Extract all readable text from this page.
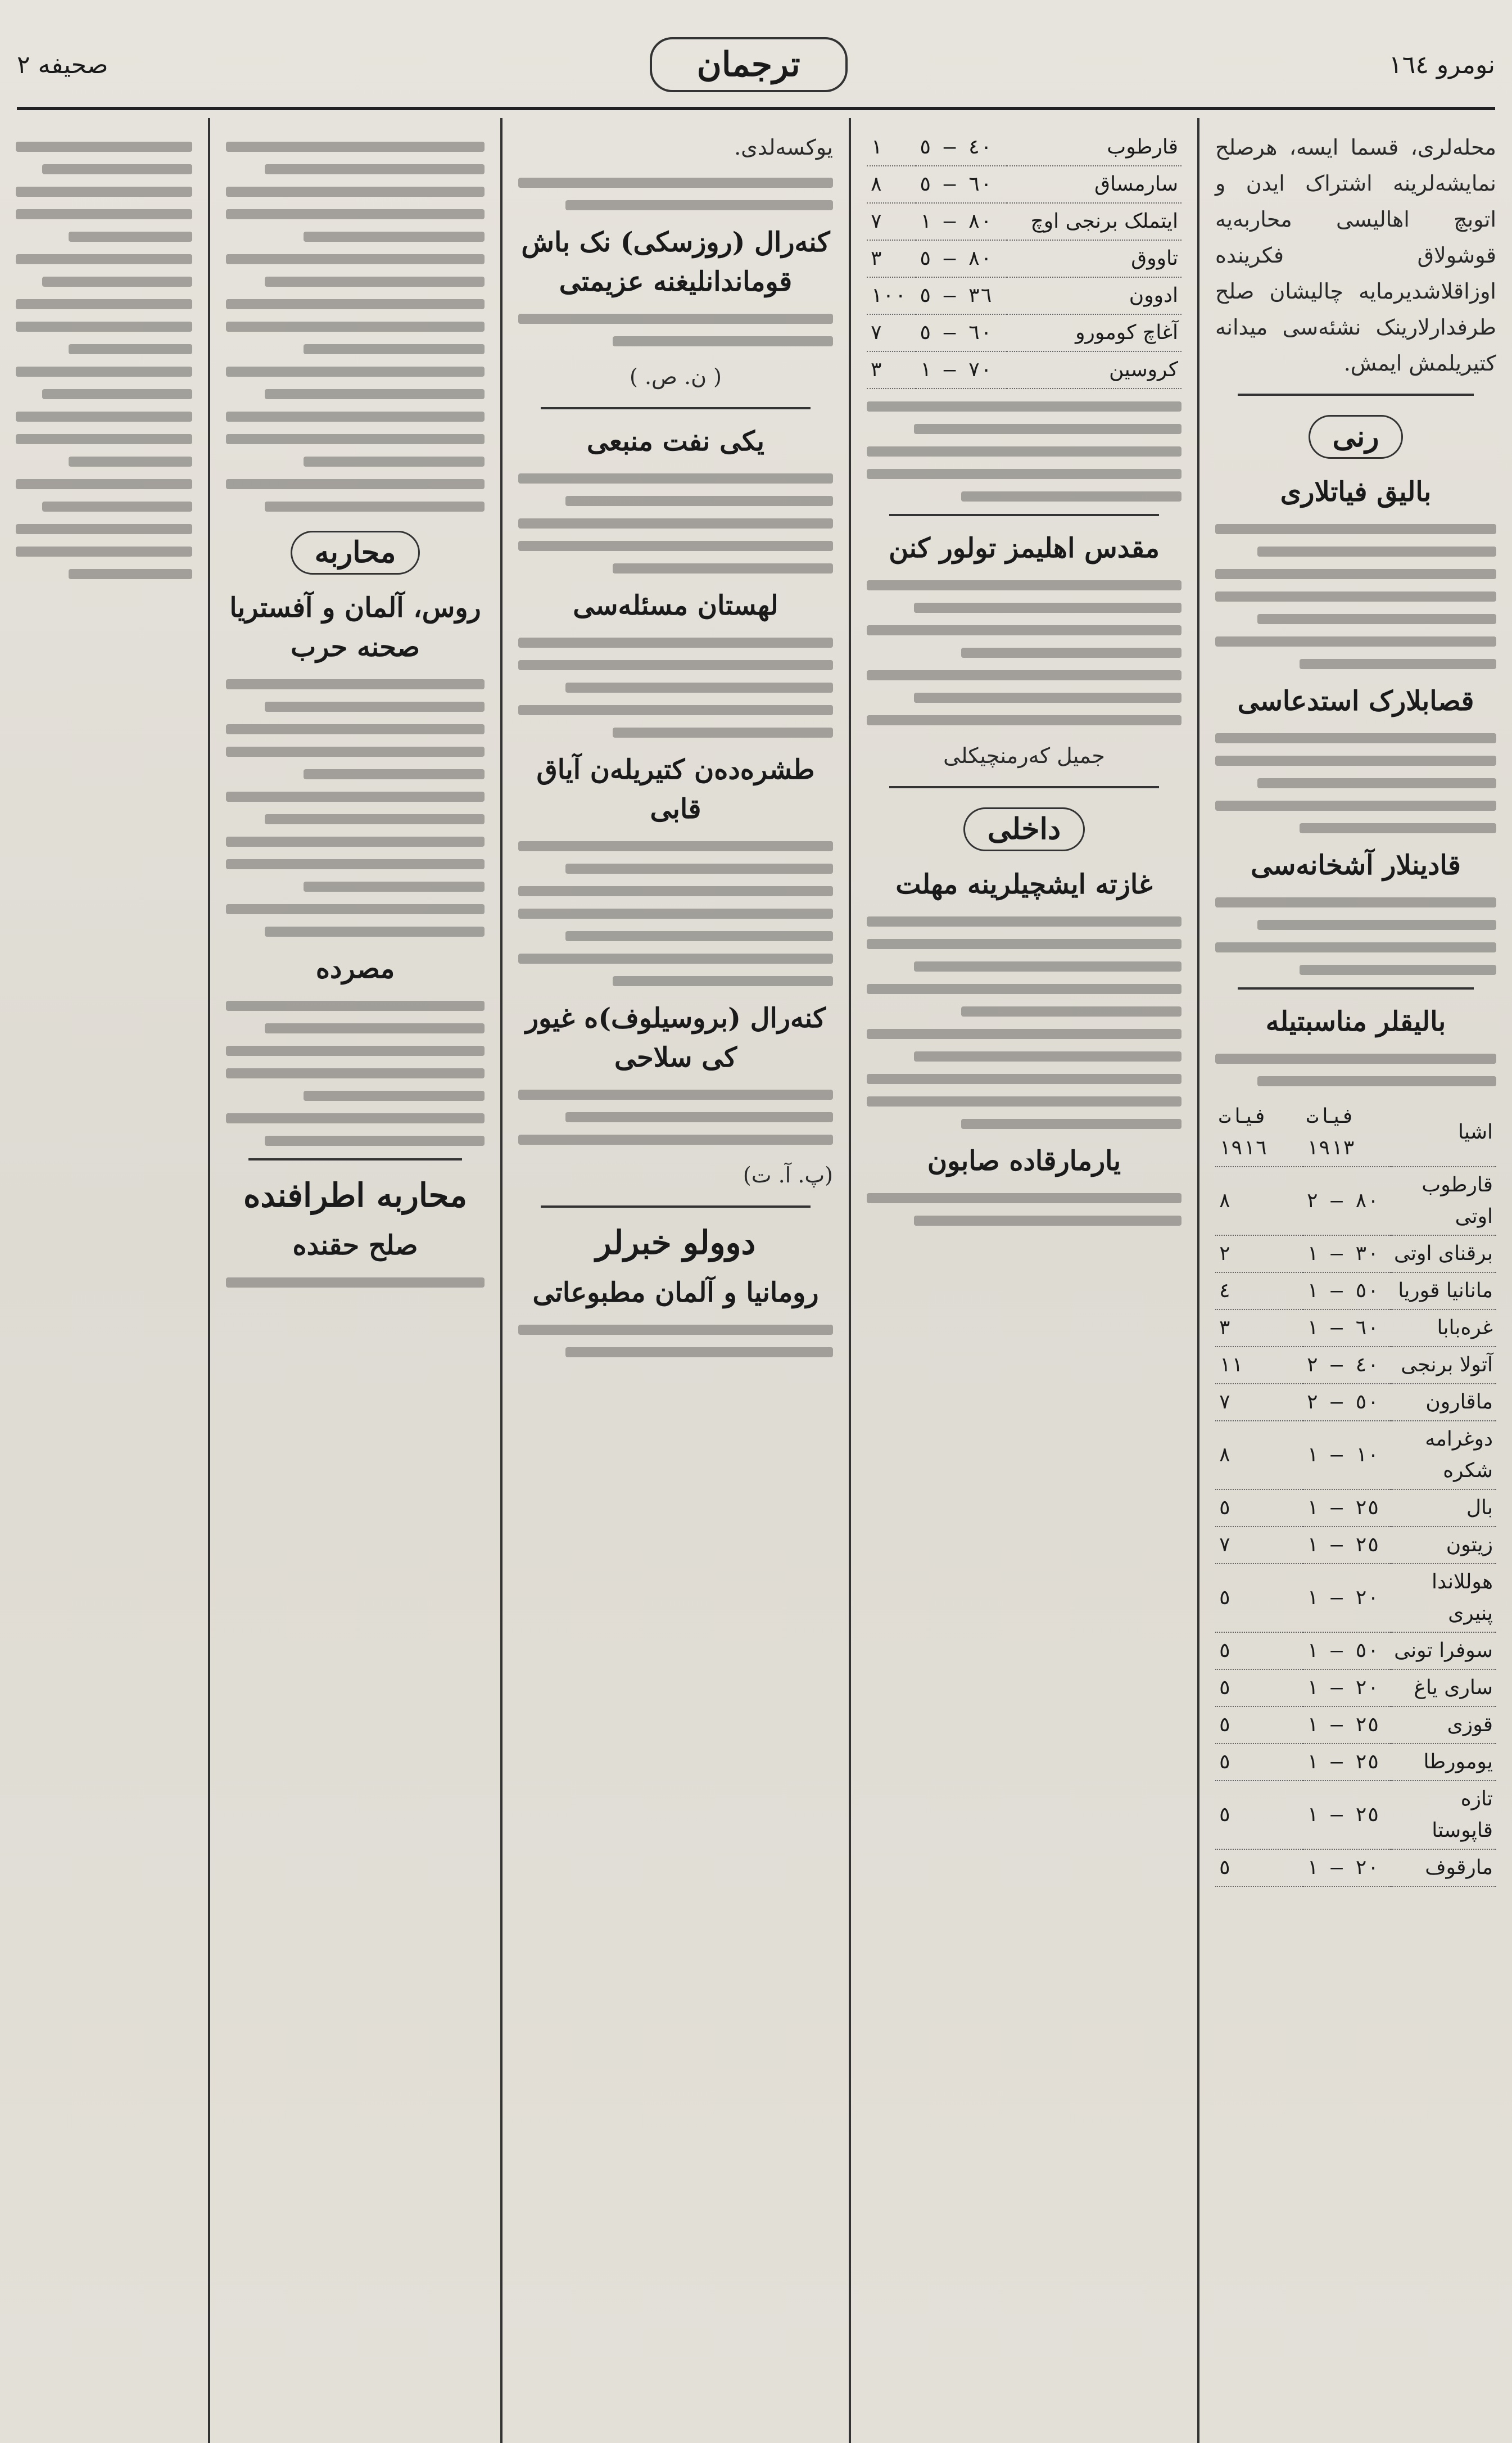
صحیفه ۲	ترجمان	نومرو ۱٦٤

محله‌لری، قسما ایسه، هرصلح نمایشه‌لرینه اشتراک ایدن و اتوبچ اهالیسی محاربه‌یه قوشولاق فکرینده اوزاقلاشدیرمایه چالیشان صلح طرفدارلارینک نشئه‌سی میدانه کتیریلمش ایمش.

رنی
بالیق فیاتلاری
قصابلارک استدعاسی
قادینلار آشخانه‌سی
بالیقلر مناسبتیله
اشیا	فیات ۱۹۱۳	فیات ۱۹۱٦
قارطوب اوتی	٨٠ — ٢	٨
برقنای اوتی	٣٠ — ١	٢
مانانیا قوریا	٥٠ — ١	٤
غره‌بابا	٦٠ — ١	٣
آتولا برنجی	٤٠ — ٢	١١
ماقارون	٥٠ — ٢	٧
دوغرامه‌ شکره	١٠ — ١	٨
بال	٢٥ — ١	٥
زیتون	٢٥ — ١	٧
هوللاندا پنیری	٢٠ — ١	٥
سوفرا تونی	٥٠ — ١	٥
ساری یاغ	٢٠ — ١	٥
قوزی	٢٥ — ١	٥
یومورطا	٢٥ — ١	٥
تازه قاپوستا	٢٥ — ١	٥
مارقوف	٢٠ — ١	٥
قارطوب	٤٠ — ٥	١
سارمساق	٦٠ — ٥	٨
ایتملک برنجی اوچ	٨٠ — ١	٧
تاووق	٨٠ — ٥	٣
ادوون	٣٦ — ٥	١٠٠
آغاچ کومورو	٦٠ — ٥	٧
کروسین	٧٠ — ١	٣
مقدس اهلیمز تولور کنن

جمیل که‌رمنچیکلی

داخلی
غازته ایشچیلرینه مهلت
یارمارقاده صابون

یوکسه‌لدی.

کنه‌رال (روزسکی) نک باش قوماندانلیغنه عزیمتی

( ن. ص. )

یکی نفت منبعی
لهستان مسئله‌سی
طشره‌ده‌ن کتیریله‌ن آیاق قابی
کنه‌رال (بروسیلوف)ه غیور کی سلاحی

(پ. آ. ت)

دوولو خبرلر
رومانیا و آلمان مطبوعاتی
محاربه
روس، آلمان و آفستریا صحنه حرب
مصرده
محاربه اطرافنده
صلح حقنده
